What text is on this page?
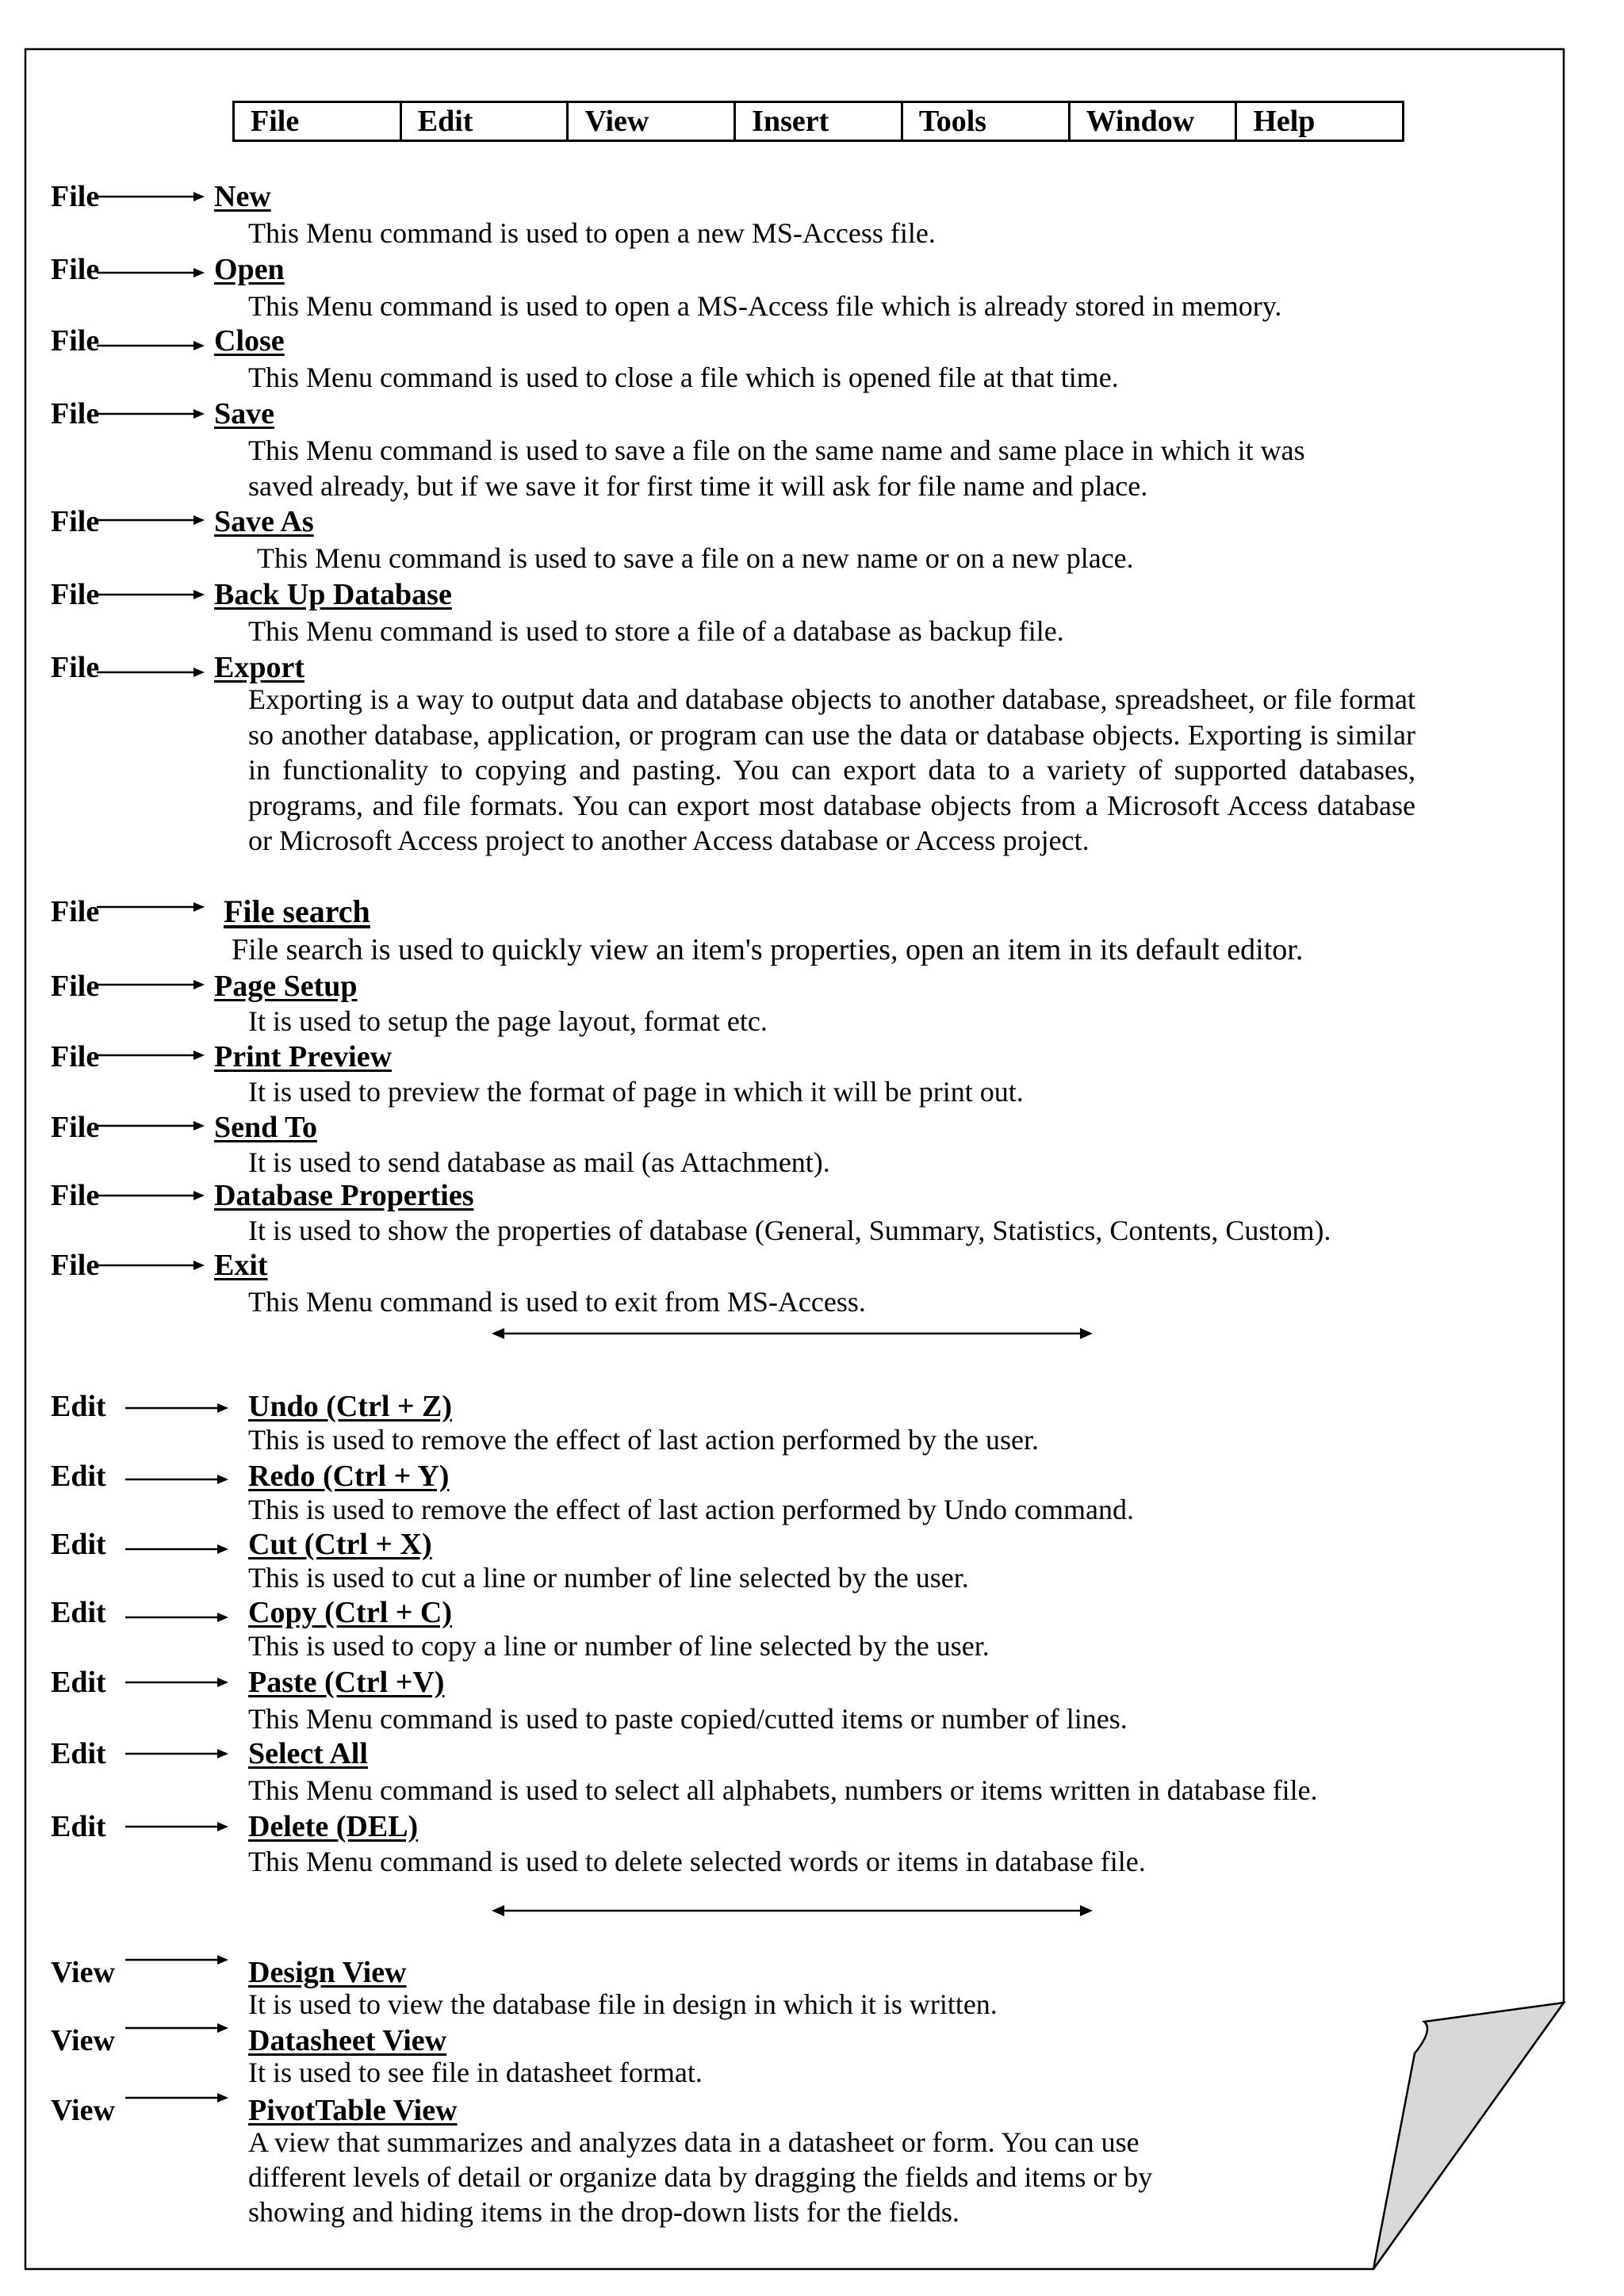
File	Edit	View	Insert	Tools	Window	Help
File	New
This Menu command is used to open a new MS-Access file.
File	Open
This Menu command is used to open a MS-Access file which is already stored in memory.
File	Close
This Menu command is used to close a file which is opened file at that time.
File	Save
This Menu command is used to save a file on the same name and same place in which it was saved already, but if we save it for first time it will ask for file name and place.
File	Save As
This Menu command is used to save a file on a new name or on a new place.
File	Back Up Database
This Menu command is used to store a file of a database as backup file.
File	Export
Exporting is a way to output data and database objects to another database, spreadsheet, or file format so another database, application, or program can use the data or database objects. Exporting is similar in functionality to copying and pasting. You can export data to a variety of supported databases, programs, and file formats. You can export most database objects from a Microsoft Access database or Microsoft Access project to another Access database or Access project.
File	File search
File search is used to quickly view an item's properties, open an item in its default editor.
File	Page Setup
It is used to setup the page layout, format etc.
File	Print Preview
It is used to preview the format of page in which it will be print out.
File	Send To
It is used to send database as mail (as Attachment).
File	Database Properties
It is used to show the properties of database (General, Summary, Statistics, Contents, Custom).
File	Exit
This Menu command is used to exit from MS-Access.
Edit	Undo (Ctrl + Z)
This is used to remove the effect of last action performed by the user.
Edit	Redo (Ctrl + Y)
This is used to remove the effect of last action performed by Undo command.
Edit	Cut (Ctrl + X)
This is used to cut a line or number of line selected by the user.
Edit	Copy (Ctrl + C)
This is used to copy a line or number of line selected by the user.
Edit	Paste (Ctrl +V)
This Menu command is used to paste copied/cutted items or number of lines.
Edit	Select All
This Menu command is used to select all alphabets, numbers or items written in database file.
Edit	Delete (DEL)
This Menu command is used to delete selected words or items in database file.
View	Design View
It is used to view the database file in design in which it is written.
View	Datasheet View
It is used to see file in datasheet format.
View	PivotTable View
A view that summarizes and analyzes data in a datasheet or form. You can use different levels of detail or organize data by dragging the fields and items or by showing and hiding items in the drop-down lists for the fields.
